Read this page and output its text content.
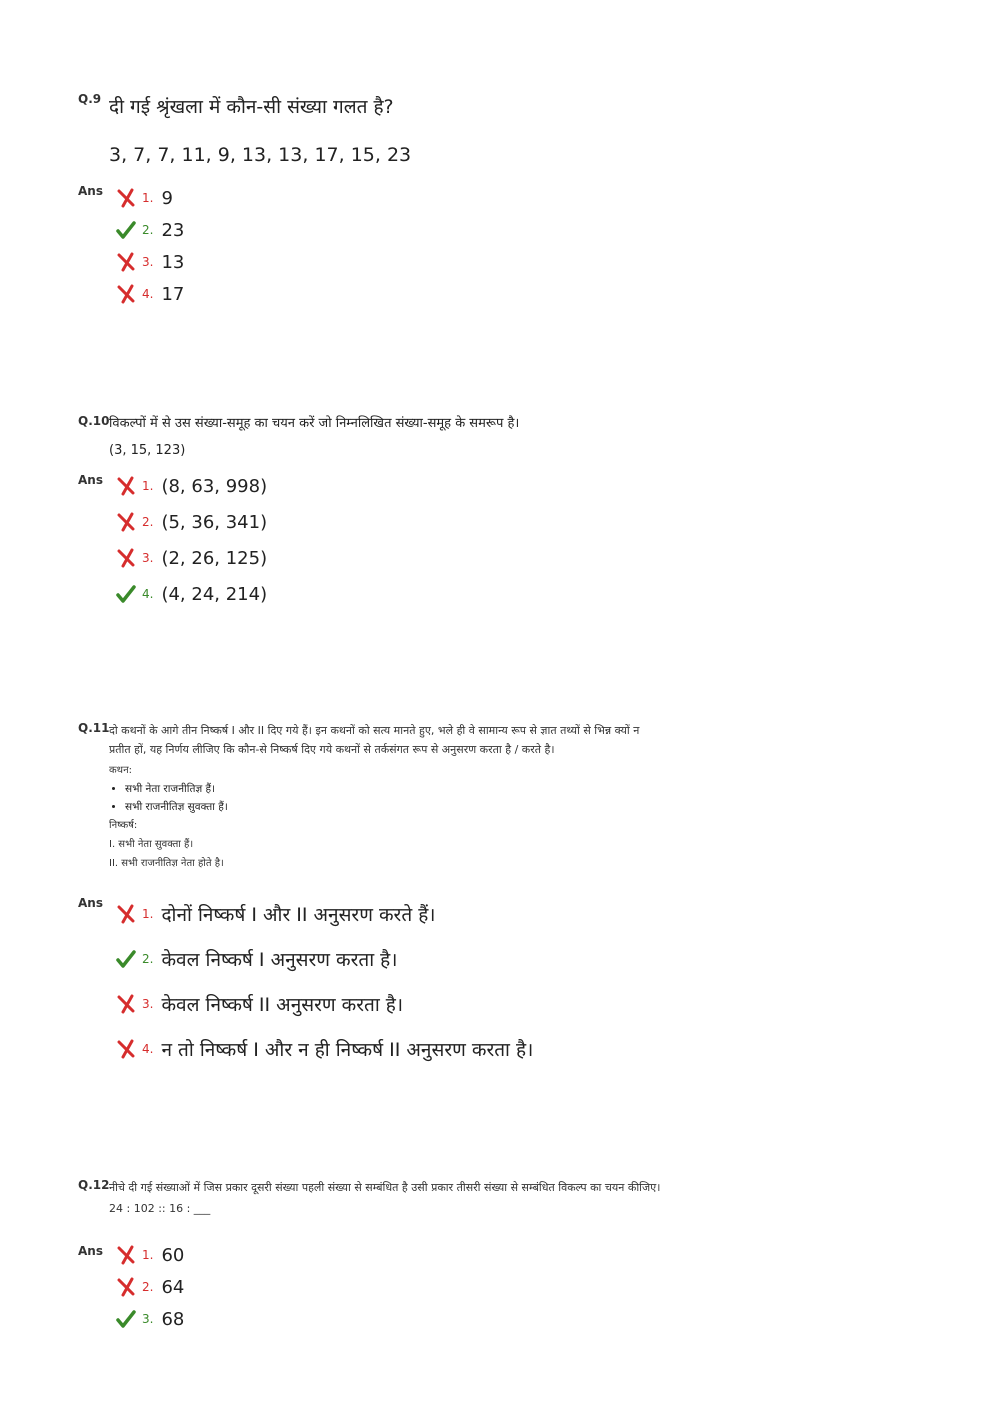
Q.9 दी गई श्रृंखला में कौन-सी संख्या गलत है?
3, 7, 7, 11, 9, 13, 13, 17, 15, 23
Ans	1. 9
2. 23
3. 13
4. 17
Q.10 विकल्पों में से उस संख्या-समूह का चयन करें जो निम्नलिखित संख्या-समूह के समरूप है।
(3, 15, 123)
Ans	1. (8, 63, 998)
2. (5, 36, 341)
3. (2, 26, 125)
4. (4, 24, 214)
Q.11 दो कथनों के आगे तीन निष्कर्ष I और II दिए गये हैं। इन कथनों को सत्य मानते हुए, भले ही वे सामान्य रूप से ज्ञात तथ्यों से भिन्न क्यों न प्रतीत हों, यह निर्णय लीजिए कि कौन-से निष्कर्ष दिए गये कथनों से तर्कसंगत रूप से अनुसरण करता है / करते है।
कथन:
• सभी नेता राजनीतिज्ञ हैं।
• सभी राजनीतिज्ञ सुवक्ता हैं।
निष्कर्ष:
I. सभी नेता सुवक्ता हैं।
II. सभी राजनीतिज्ञ नेता होते है।
Ans
1. दोनों निष्कर्ष I और II अनुसरण करते हैं।
2. केवल निष्कर्ष I अनुसरण करता है।
3. केवल निष्कर्ष II अनुसरण करता है।
4. न तो निष्कर्ष I और न ही निष्कर्ष II अनुसरण करता है।
Q.12 नीचे दी गई संख्याओं में जिस प्रकार दूसरी संख्या पहली संख्या से सम्बंधित है उसी प्रकार तीसरी संख्या से सम्बंधित विकल्प का चयन कीजिए।
24 : 102 :: 16 : ___
Ans	1. 60
2. 64
3. 68
